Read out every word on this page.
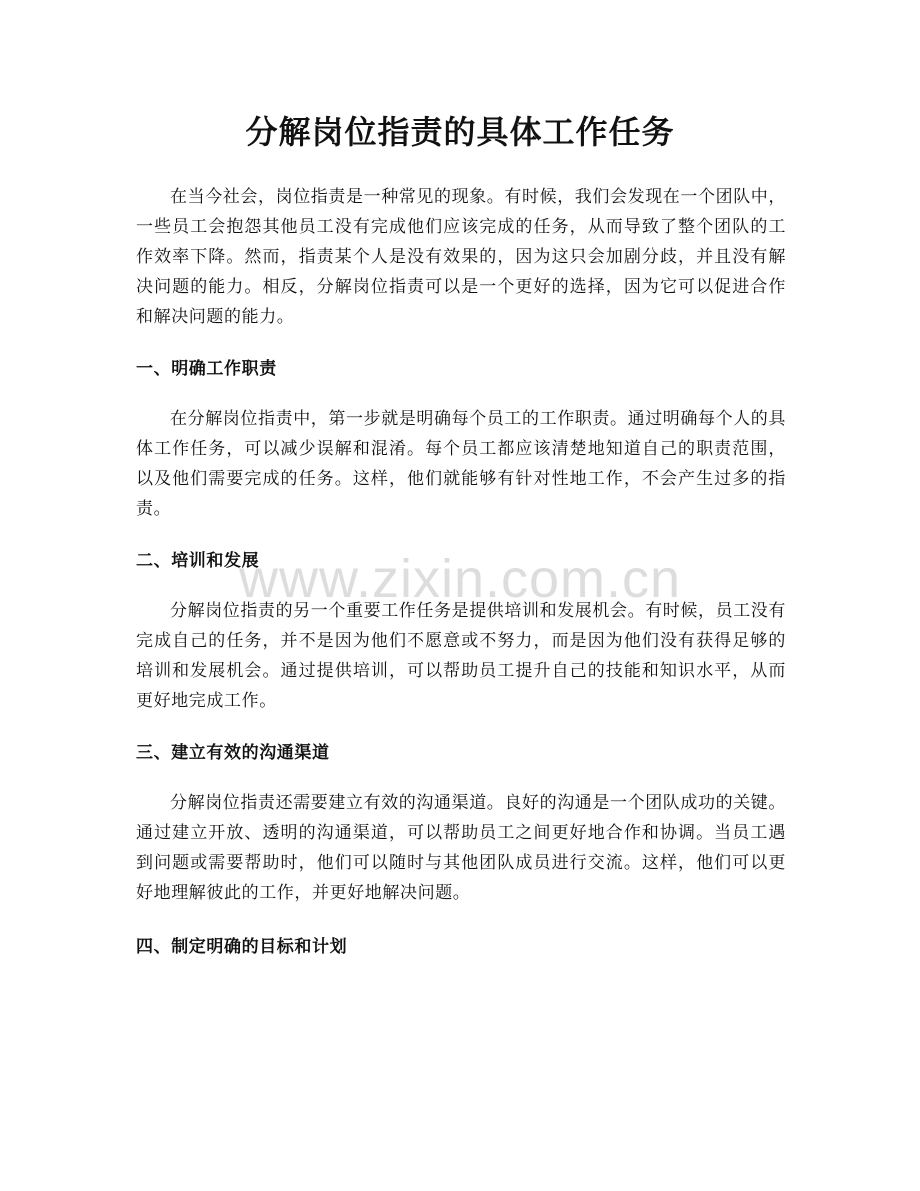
分解岗位指责的具体工作任务

在当今社会，岗位指责是一种常见的现象。有时候，我们会发现在一个团队中，一些员工会抱怨其他员工没有完成他们应该完成的任务，从而导致了整个团队的工作效率下降。然而，指责某个人是没有效果的，因为这只会加剧分歧，并且没有解决问题的能力。相反，分解岗位指责可以是一个更好的选择，因为它可以促进合作和解决问题的能力。

一、明确工作职责

在分解岗位指责中，第一步就是明确每个员工的工作职责。通过明确每个人的具体工作任务，可以减少误解和混淆。每个员工都应该清楚地知道自己的职责范围，以及他们需要完成的任务。这样，他们就能够有针对性地工作，不会产生过多的指责。

二、培训和发展

分解岗位指责的另一个重要工作任务是提供培训和发展机会。有时候，员工没有完成自己的任务，并不是因为他们不愿意或不努力，而是因为他们没有获得足够的培训和发展机会。通过提供培训，可以帮助员工提升自己的技能和知识水平，从而更好地完成工作。

三、建立有效的沟通渠道

分解岗位指责还需要建立有效的沟通渠道。良好的沟通是一个团队成功的关键。通过建立开放、透明的沟通渠道，可以帮助员工之间更好地合作和协调。当员工遇到问题或需要帮助时，他们可以随时与其他团队成员进行交流。这样，他们可以更好地理解彼此的工作，并更好地解决问题。

四、制定明确的目标和计划
www.zixin.com.cn
